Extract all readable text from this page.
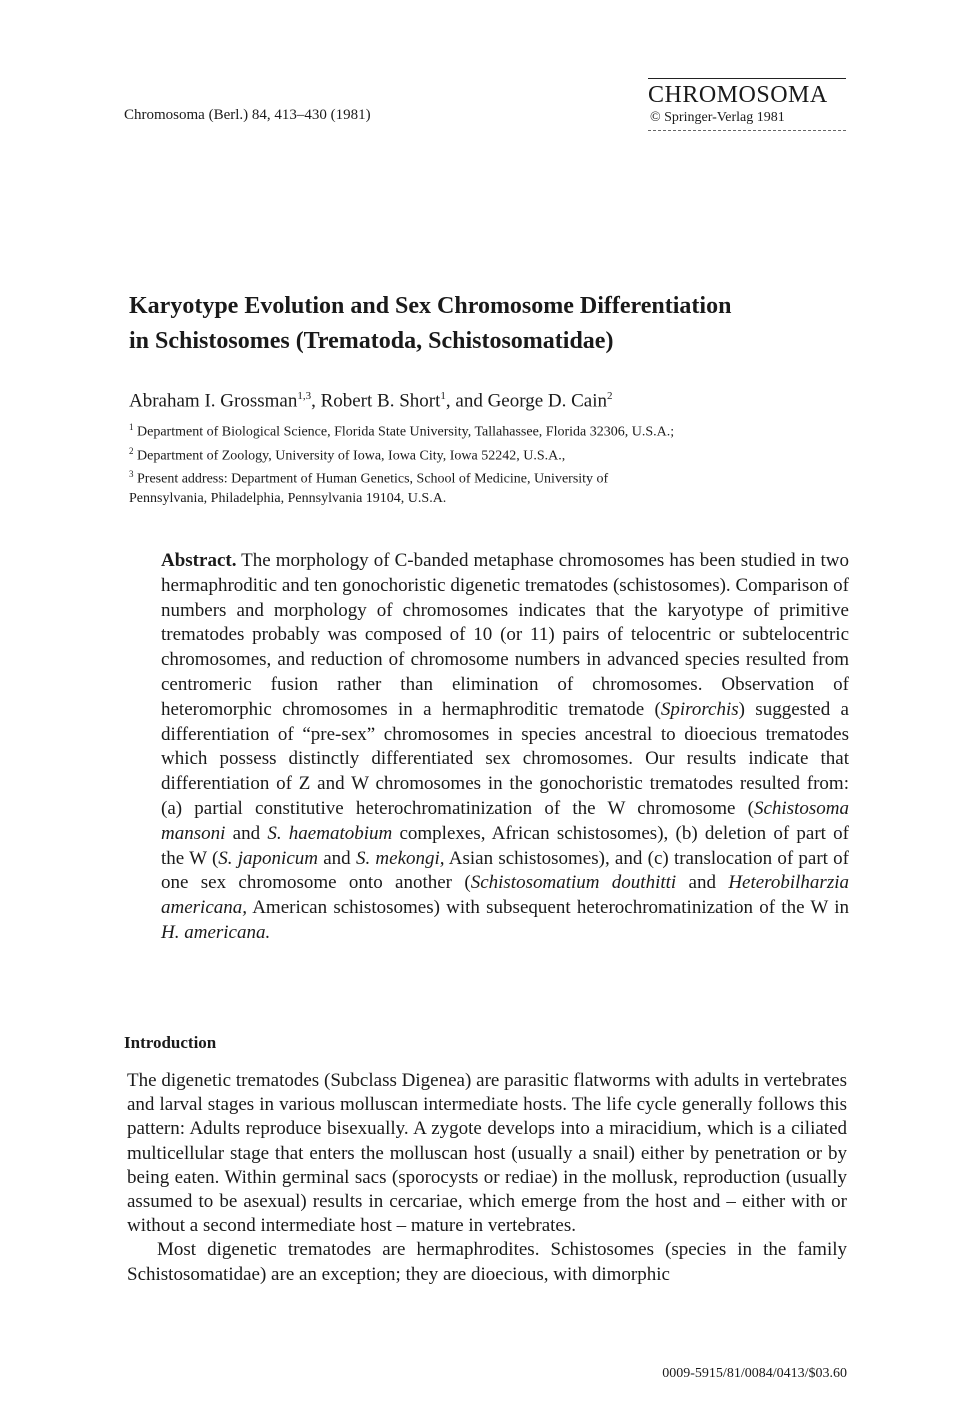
Chromosoma (Berl.) 84, 413–430 (1981)
CHROMOSOMA
© Springer-Verlag 1981
Karyotype Evolution and Sex Chromosome Differentiation
in Schistosomes (Trematoda, Schistosomatidae)
Abraham I. Grossman$^{1,3}$, Robert B. Short$^1$, and George D. Cain$^2$
$^1$ Department of Biological Science, Florida State University, Tallahassee, Florida 32306, U.S.A.;
$^2$ Department of Zoology, University of Iowa, Iowa City, Iowa 52242, U.S.A.,
$^3$ Present address: Department of Human Genetics, School of Medicine, University of
Pennsylvania, Philadelphia, Pennsylvania 19104, U.S.A.
Abstract. The morphology of C-banded metaphase chromosomes has been studied in two hermaphroditic and ten gonochoristic digenetic trematodes (schistosomes). Comparison of numbers and morphology of chromosomes indicates that the karyotype of primitive trematodes probably was composed of 10 (or 11) pairs of telocentric or subtelocentric chromosomes, and reduction of chromosome numbers in advanced species resulted from centromeric fusion rather than elimination of chromosomes. Observation of heteromorphic chromosomes in a hermaphroditic trematode (Spirorchis) suggested a differentiation of “pre-sex” chromosomes in species ancestral to dioecious trematodes which possess distinctly differentiated sex chromosomes. Our results indicate that differentiation of Z and W chromosomes in the gonochoristic trematodes resulted from: (a) partial constitutive heterochromatinization of the W chromosome (Schistosoma mansoni and S. haematobium complexes, African schistosomes), (b) deletion of part of the W (S. japonicum and S. mekongi, Asian schistosomes), and (c) translocation of part of one sex chromosome onto another (Schistosomatium douthitti and Heterobilharzia americana, American schistosomes) with subsequent heterochromatinization of the W in H. americana.
Introduction

The digenetic trematodes (Subclass Digenea) are parasitic flatworms with adults in vertebrates and larval stages in various molluscan intermediate hosts. The life cycle generally follows this pattern: Adults reproduce bisexually. A zygote develops into a miracidium, which is a ciliated multicellular stage that enters the molluscan host (usually a snail) either by penetration or by being eaten. Within germinal sacs (sporocysts or rediae) in the mollusk, reproduction (usually assumed to be asexual) results in cercariae, which emerge from the host and – either with or without a second intermediate host – mature in vertebrates.

Most digenetic trematodes are hermaphrodites. Schistosomes (species in the family Schistosomatidae) are an exception; they are dioecious, with dimorphic

0009-5915/81/0084/0413/$03.60
